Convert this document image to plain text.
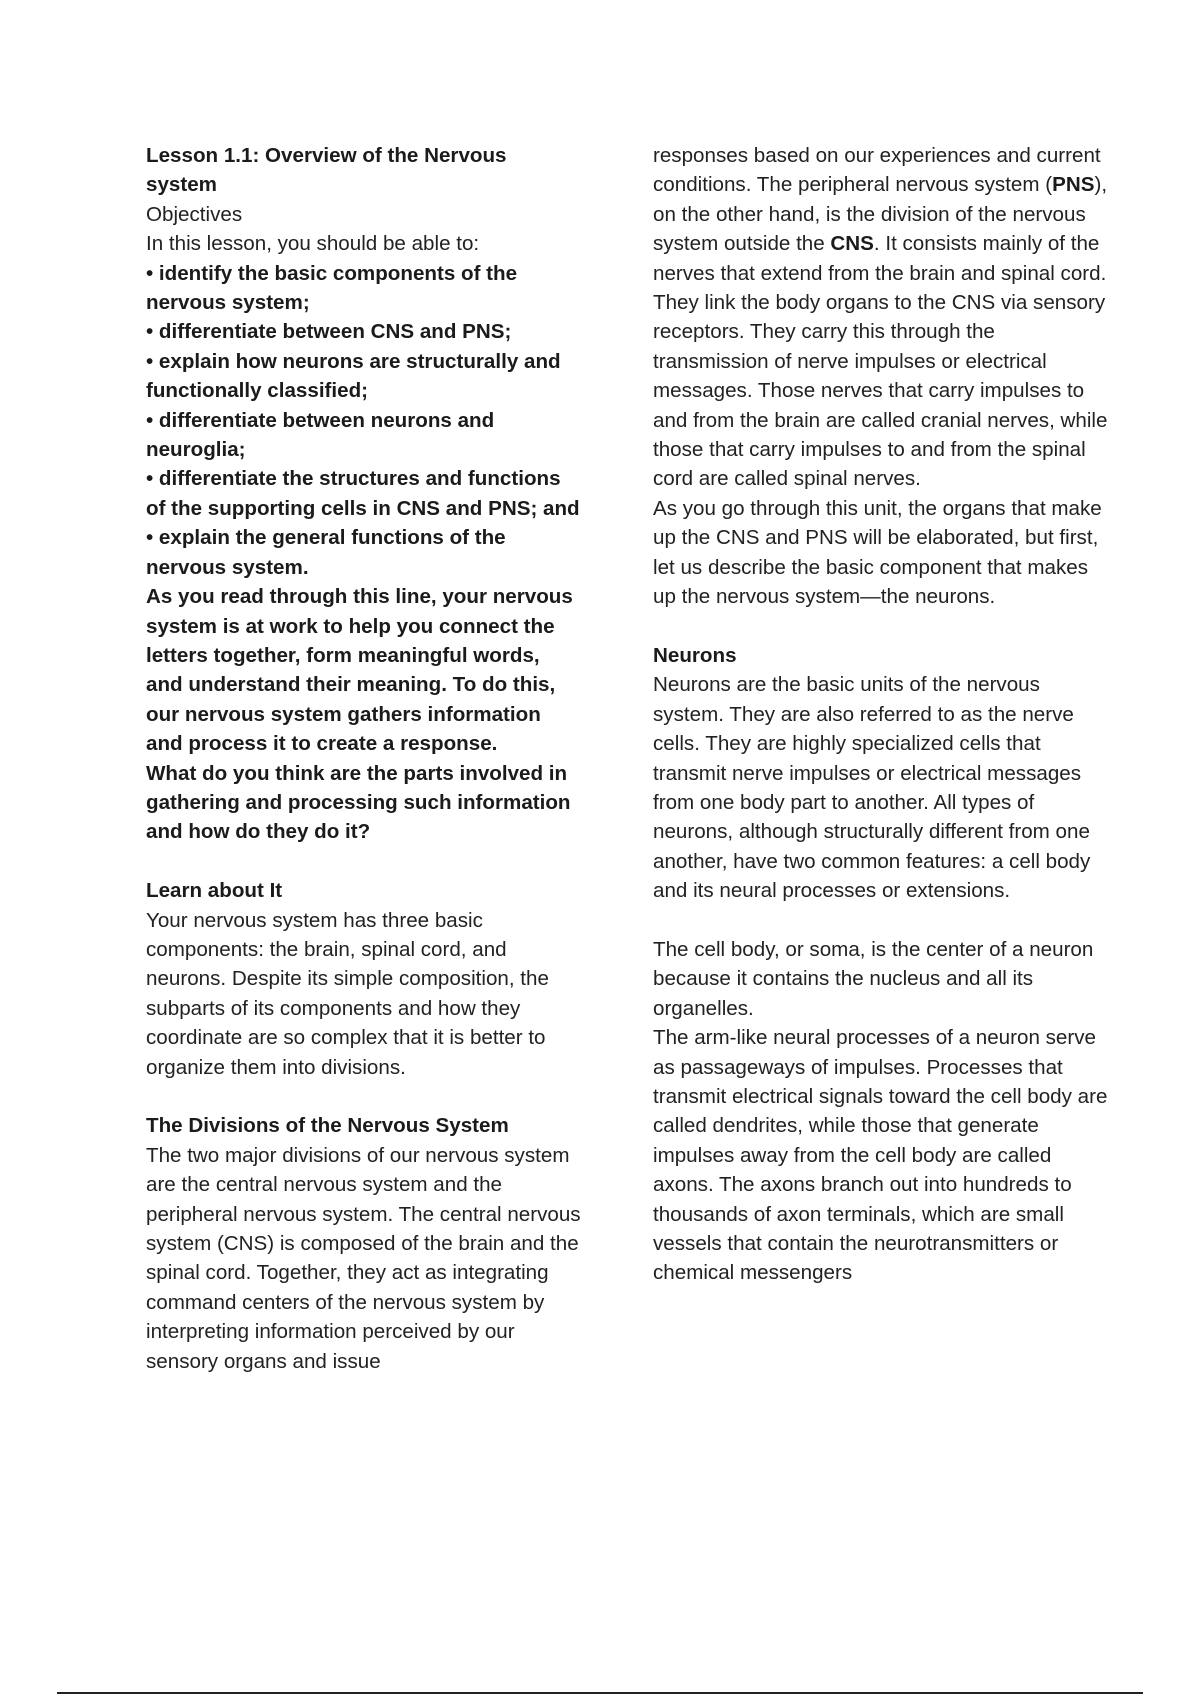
Lesson 1.1: Overview of the Nervous system

Objectives

In this lesson, you should be able to:

• identify the basic components of the nervous system;

• differentiate between CNS and PNS;

• explain how neurons are structurally and functionally classified;

• differentiate between neurons and neuroglia;

• differentiate the structures and functions of the supporting cells in CNS and PNS; and

• explain the general functions of the nervous system.

As you read through this line, your nervous system is at work to help you connect the letters together, form meaningful words, and understand their meaning. To do this, our nervous system gathers information and process it to create a response.

What do you think are the parts involved in gathering and processing such information and how do they do it?

Learn about It

Your nervous system has three basic components: the brain, spinal cord, and neurons. Despite its simple composition, the subparts of its components and how they coordinate are so complex that it is better to organize them into divisions.

The Divisions of the Nervous System

The two major divisions of our nervous system are the central nervous system and the peripheral nervous system. The central nervous system (CNS) is composed of the brain and the spinal cord. Together, they act as integrating command centers of the nervous system by interpreting information perceived by our sensory organs and issue

responses based on our experiences and current conditions. The peripheral nervous system (PNS), on the other hand, is the division of the nervous system outside the CNS. It consists mainly of the nerves that extend from the brain and spinal cord. They link the body organs to the CNS via sensory receptors. They carry this through the transmission of nerve impulses or electrical messages. Those nerves that carry impulses to and from the brain are called cranial nerves, while those that carry impulses to and from the spinal cord are called spinal nerves.

As you go through this unit, the organs that make up the CNS and PNS will be elaborated, but first, let us describe the basic component that makes up the nervous system—the neurons.

Neurons

Neurons are the basic units of the nervous system. They are also referred to as the nerve cells. They are highly specialized cells that transmit nerve impulses or electrical messages from one body part to another. All types of neurons, although structurally different from one another, have two common features: a cell body and its neural processes or extensions.

The cell body, or soma, is the center of a neuron because it contains the nucleus and all its organelles.

The arm-like neural processes of a neuron serve as passageways of impulses. Processes that transmit electrical signals toward the cell body are called dendrites, while those that generate impulses away from the cell body are called axons. The axons branch out into hundreds to thousands of axon terminals, which are small vessels that contain the neurotransmitters or chemical messengers
